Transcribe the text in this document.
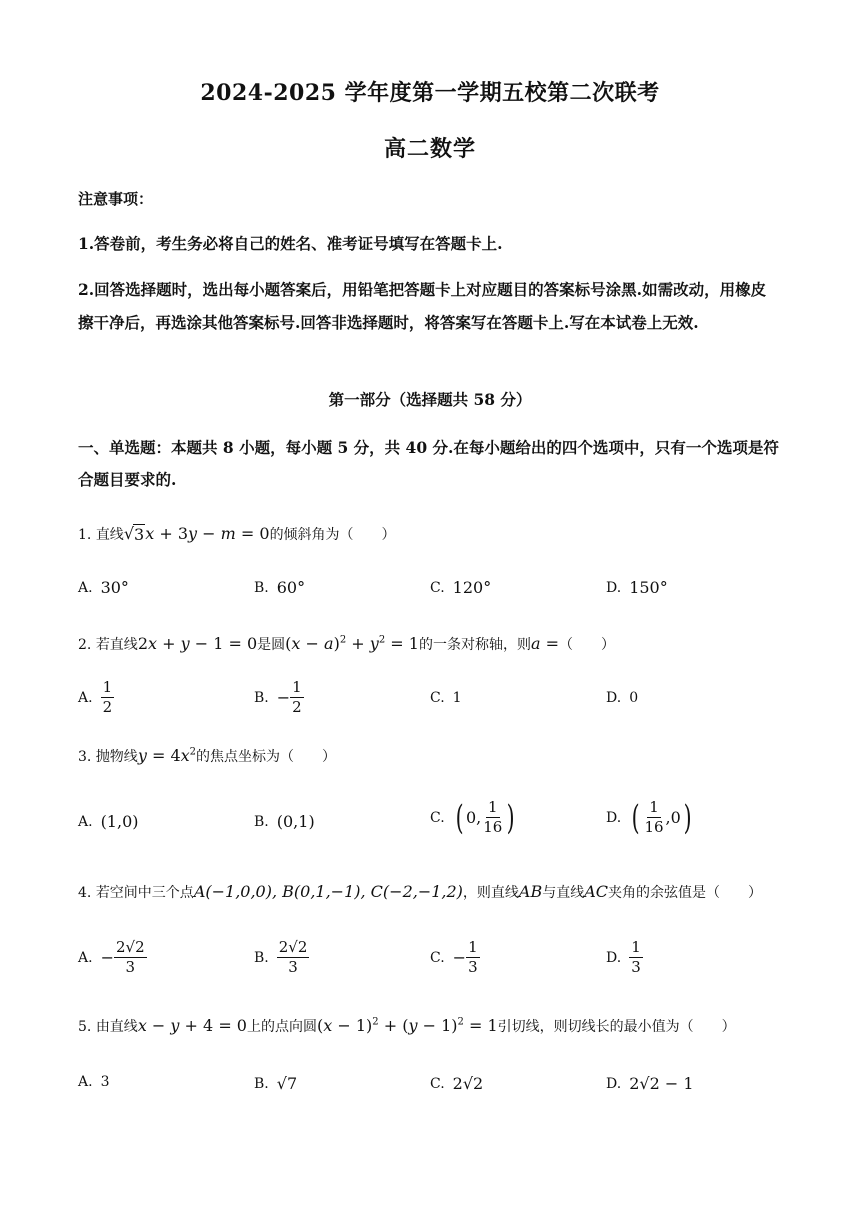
2024-2025 学年度第一学期五校第二次联考
高二数学
注意事项：
1.答卷前，考生务必将自己的姓名、准考证号填写在答题卡上.
2.回答选择题时，选出每小题答案后，用铅笔把答题卡上对应题目的答案标号涂黑.如需改动，用橡皮擦干净后，再选涂其他答案标号.回答非选择题时，将答案写在答题卡上.写在本试卷上无效.
第一部分（选择题共 58 分）
一、单选题：本题共 8 小题，每小题 5 分，共 40 分.在每小题给出的四个选项中，只有一个选项是符合题目要求的.
1. 直线 √ 3 x + 3y − m = 0的倾斜角为（　　）
A. 30°	B. 60°	C. 120°	D. 150°
2. 若直线2x + y − 1 = 0是圆$(x - a)^2 + y^2 = 1$的一条对称轴，则a =（　　）
A. $\frac{1}{2}$	B. − $\frac{1}{2}$	C. 1	D. 0
3. 抛物线$y = 4x^2$的焦点坐标为（　　）
A. (1,0)	B. (0,1)	C. ( 0, $\frac{1}{16}$ )	D. ( $\frac{1}{16} ,0$ )
4. 若空间中三个点A(−1,0,0), B(0,1,−1), C(−2,−1,2)，则直线AB与直线AC夹角的余弦值是（　　）
A. − $\frac{2√2}{3}$	B. $\frac{2√2}{3}$	C. − $\frac{1}{3}$	D. $\frac{1}{3}$
5. 由直线x − y + 4 = 0上的点向圆$(x - 1)^2 + (y - 1)^2 = 1$引切线，则切线长的最小值为（　　）
A. 3	B. √7	C. 2√2	D. 2√2 − 1
